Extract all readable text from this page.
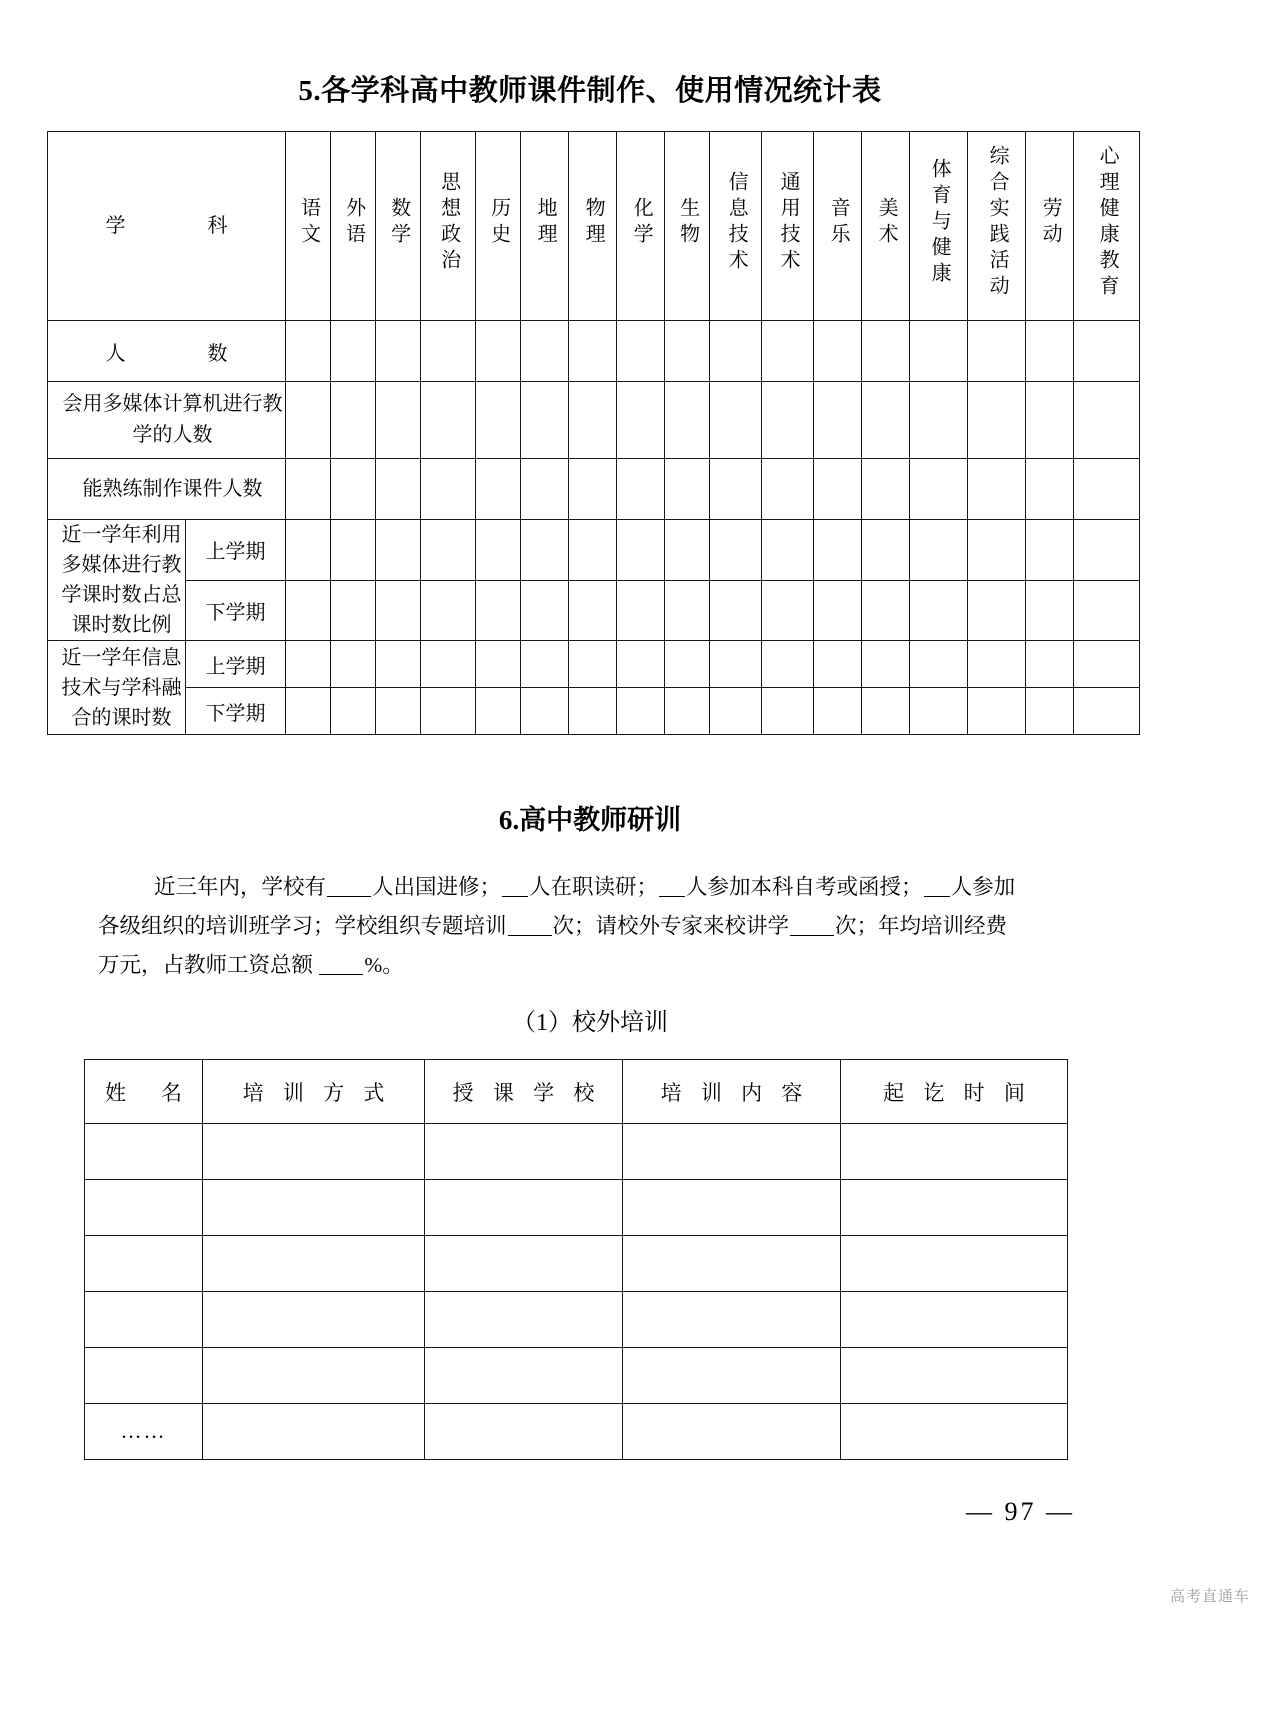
5.各学科高中教师课件制作、使用情况统计表
学　　科		语文	外语	数学	思想政治	历史	地理	物理	化学	生物	信息技术	通用技术	音乐	美术	体育与健康	综合实践活动	劳动	心理健康教育
人　　数																		
会用多媒体计算机进行教学的人数																		
能熟练制作课件人数																		
近一学年利用多媒体进行教学课时数占总课时数比例	上学期																	
	下学期																	
近一学年信息技术与学科融合的课时数	上学期																	
	下学期																	
6.高中教师研训
近三年内，学校有 人出国进修； 人在职读研； 人参加本科自考或函授； 人参加
各级组织的培训班学习；学校组织专题培训 次；请校外专家来校讲学 次；年均培训经费
万元，占教师工资总额 %。
（1）校外培训
姓　名	培 训 方 式	授 课 学 校	培 训 内 容	起 讫 时 间

……				
— 97 —
高考直通车
